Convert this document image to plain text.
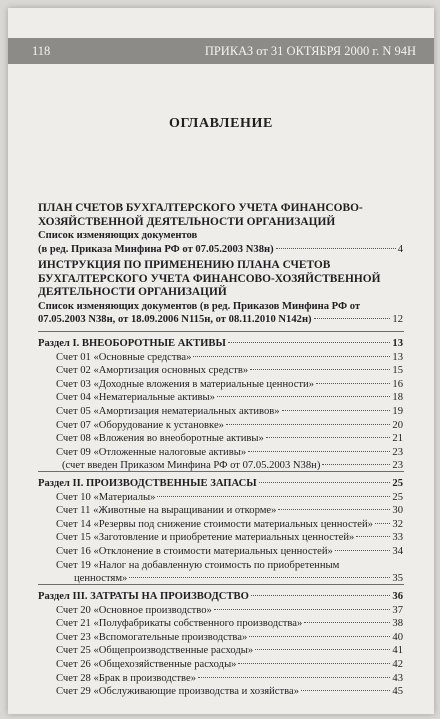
118	ПРИКАЗ от 31 ОКТЯБРЯ 2000 г. N 94Н
ОГЛАВЛЕНИЕ
ПЛАН СЧЕТОВ БУХГАЛТЕРСКОГО УЧЕТА ФИНАНСОВО-
ХОЗЯЙСТВЕННОЙ ДЕЯТЕЛЬНОСТИ ОРГАНИЗАЦИЙ
Список изменяющих документов
(в ред. Приказа Минфина РФ от 07.05.2003 N38н)	4
ИНСТРУКЦИЯ ПО ПРИМЕНЕНИЮ ПЛАНА СЧЕТОВ
БУХГАЛТЕРСКОГО УЧЕТА ФИНАНСОВО-ХОЗЯЙСТВЕННОЙ
ДЕЯТЕЛЬНОСТИ ОРГАНИЗАЦИЙ
Список изменяющих документов (в ред. Приказов Минфина РФ от
07.05.2003 N38н, от 18.09.2006 N115н, от 08.11.2010 N142н)	12
Раздел I. ВНЕОБОРОТНЫЕ АКТИВЫ	13
Счет 01 «Основные средства»	13
Счет 02 «Амортизация основных средств»	15
Счет 03 «Доходные вложения в материальные ценности»	16
Счет 04 «Нематериальные активы»	18
Счет 05 «Амортизация нематериальных активов»	19
Счет 07 «Оборудование к установке»	20
Счет 08 «Вложения во внеоборотные активы»	21
Счет 09 «Отложенные налоговые активы»	23
(счет введен Приказом Минфина РФ от 07.05.2003 N38н)	23
Раздел II. ПРОИЗВОДСТВЕННЫЕ ЗАПАСЫ	25
Счет 10 «Материалы»	25
Счет 11 «Животные на выращивании и откорме»	30
Счет 14 «Резервы под снижение стоимости материальных ценностей» 32
Счет 15 «Заготовление и приобретение материальных ценностей»	33
Счет 16 «Отклонение в стоимости материальных ценностей»	34
Счет 19 «Налог на добавленную стоимость по приобретенным
ценностям»	35
Раздел III. ЗАТРАТЫ НА ПРОИЗВОДСТВО	36
Счет 20 «Основное производство»	37
Счет 21 «Полуфабрикаты собственного производства»	38
Счет 23 «Вспомогательные производства»	40
Счет 25 «Общепроизводственные расходы»	41
Счет 26 «Общехозяйственные расходы»	42
Счет 28 «Брак в производстве»	43
Счет 29 «Обслуживающие производства и хозяйства»	45
